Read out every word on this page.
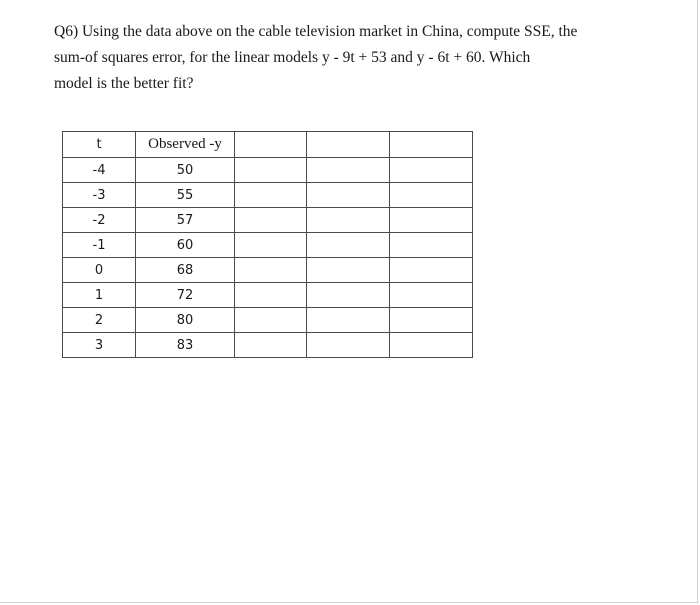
Q6) Using the data above on the cable television market in China, compute SSE, the
sum-of squares error, for the linear models y - 9t + 53 and y - 6t + 60. Which
model is the better fit?

t	Observed -y			
-4	50			
-3	55			
-2	57			
-1	60			
0	68			
1	72			
2	80			
3	83			
